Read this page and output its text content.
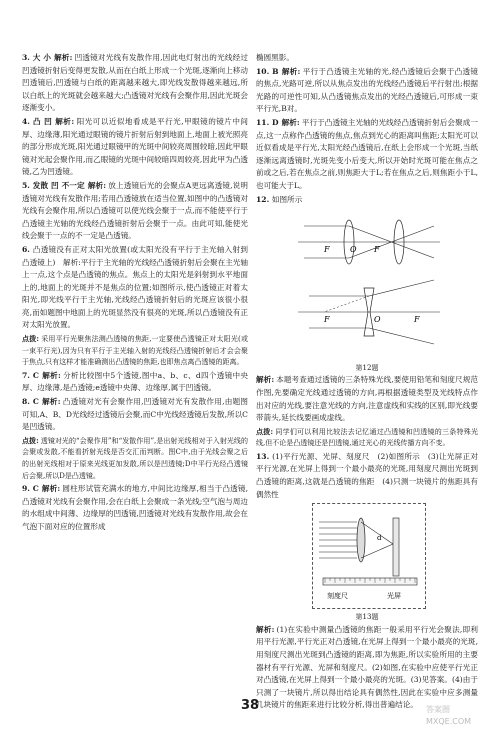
3. 大 小 解析: 凹透镜对光线有发散作用,因此电灯射出的光线经过凹透镜折射后变得更发散,从而在白纸上形成一个光斑,逐渐向上移动凹透镜后,凹透镜与白纸的距离越来越大,即光线发散得越来越远,所以白纸上的光斑就会越来越大;凸透镜对光线有会聚作用,因此光斑会逐渐变小。
4. 凸 凹 解析: 阳光可以近似地看成是平行光,甲眼镜的镜片中间厚、边缘薄,阳光通过眼镜的镜片折射后射到地面上,地面上被光照亮的部分形成光斑,阳光通过眼镜甲的光斑中间较亮周围较暗,因此甲眼镜对光起会聚作用,而乙眼镜的光斑中间较暗四周较亮,因此甲为凸透镜,乙为凹透镜。
5. 发散 凹 不一定 解析: 放上透镜后光的会聚点A更远离透镜,说明透镜对光线有发散作用;若用凸透镜放在适当位置,如图中的凸透镜对光线有会聚作用,所以凸透镜可以使光线会聚于一点,而不能使平行于凸透镜主光轴的光线经凸透镜折射后会聚于一点。由此可知,能使光线会聚于一点的不一定是凸透镜。
6. 凸透镜没有正对太阳光放置(或太阳光没有平行于主光轴入射到凸透镜上)　解析:平行于主光轴的光线经凸透镜折射后会聚在主光轴上一点,这个点是凸透镜的焦点。焦点上的太阳光是斜射到水平地面上的,地面上的光斑并不是焦点的位置;如图所示,使凸透镜正对着太阳光,即光线平行于主光轴,光线经凸透镜折射后的光斑应该很小很亮,而如题图中地面上的光斑显然没有很亮的光斑,所以凸透镜没有正对太阳光放置。
点拨: 采用平行光聚焦法测凸透镜的焦距,一定要使凸透镜正对太阳光(或一束平行光),因为只有平行于主光轴入射的光线经凸透镜折射后才会会聚于焦点,只有这样才能准确测出凸透镜的焦距,也即焦点离凸透镜的距离。
7. C 解析: 分析比较图中5个透镜,图中a、b、c、d四个透镜中央厚、边缘薄,是凸透镜;e透镜中央薄、边缘厚,属于凹透镜。
8. C 解析: 凸透镜对光有会聚作用,凹透镜对光有发散作用,由题图可知,A、B、D光线经过透镜后会聚,而C中光线经透镜后发散,所以C是凹透镜。
点拨: 透镜对光的“会聚作用”和“发散作用”,是出射光线相对于入射光线的会聚或发散,不能看折射光线是否交汇而判断。图C中,由于光线会聚之后的出射光线相对于原来光线更加发散,所以是凹透镜;D中平行光经凸透镜后会聚,所以D是凸透镜。
9. C 解析: 圆柱形试管充满水的地方,中间比边缘厚,相当于凸透镜,凸透镜对光线有会聚作用,会在白纸上会聚成一条光线;空气泡与周边的水组成中间薄、边缘厚的凹透镜,凹透镜对光线有发散作用,故会在气泡下面对应的位置形成
椭圆黑影。
10. B 解析: 平行于凸透镜主光轴的光,经凸透镜后会聚于凸透镜的焦点,光路可逆,所以从焦点发出的光线经凸透镜后平行射出;根据光路的可逆性可知,从凸透镜焦点发出的光经凸透镜后,可形成一束平行光,B对。
11. D 解析: 平行于凸透镜主光轴的光线经凸透镜折射后会聚成一点,这一点称作凸透镜的焦点,焦点到光心的距离叫焦距;太阳光可以近似看成是平行光,太阳光经凸透镜后,在纸上会形成一个光斑,当纸逐渐远离透镜时,光斑先变小后变大,所以开始时光斑可能在焦点之前或之后,若在焦点之前,则焦距大于L;若在焦点之后,则焦距小于L,也可能大于L。
12. 如图所示
F	O F
F	O	F
第12题
解析: 本题考查通过透镜的三条特殊光线,要使用铅笔和刻度尺规范作图,先要确定光线通过透镜的方向,再根据透镜类型及光线特点作出对应的光线,要注意光线的方向,注意虚线和实线的区别,即光线要带箭头,延长线要画成虚线。
点拨: 同学们可以利用比较法去记忆通过凸透镜和凹透镜的三条特殊光线,但不论是凸透镜还是凹透镜,通过光心的光线传播方向不变。
13. (1)平行光源、光屏、刻度尺　(2)如图所示　(3)让光屏正对平行光源,在光屏上得到一个最小最亮的光斑,用刻度尺测出光斑到凸透镜的距离,这就是凸透镜的焦距　(4)只测一块镜片的焦距具有偶然性
刻度尺	光屏
d
第13题
解析: (1)在实验中测量凸透镜的焦距一般采用平行光会聚法,即利用平行光源,平行光正对凸透镜,在光屏上得到一个最小最亮的光斑,用刻度尺测出光斑到凸透镜的距离,即为焦距,所以实验所用的主要器材有平行光源、光屏和刻度尺。(2)如图,在实验中应使平行光正对凸透镜,在光屏上得到一个最小最亮的光斑。(3)见答案。(4)由于只测了一块镜片,所以得出结论具有偶然性,因此在实验中应多测量几块镜片的焦距来进行比较分析,得出普遍结论。
38	答案圈
MXQE.COM
